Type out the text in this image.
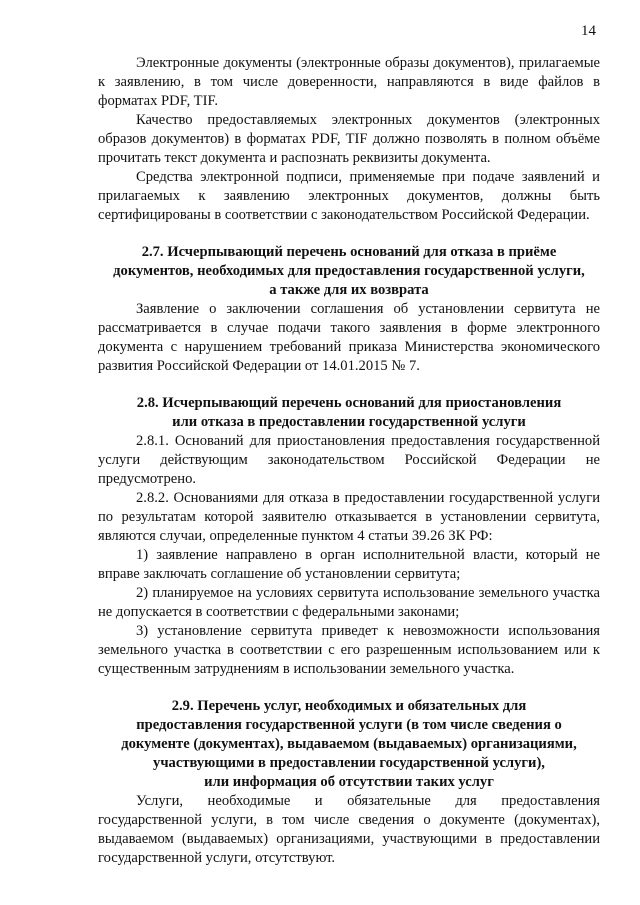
14

Электронные документы (электронные образы документов), прилагаемые к заявлению, в том числе доверенности, направляются в виде файлов в форматах PDF, TIF.

Качество предоставляемых электронных документов (электронных образов документов) в форматах PDF, TIF должно позволять в полном объёме прочитать текст документа и распознать реквизиты документа.

Средства электронной подписи, применяемые при подаче заявлений и прилагаемых к заявлению электронных документов, должны быть сертифицированы в соответствии с законодательством Российской Федерации.

2.7. Исчерпывающий перечень оснований для отказа в приёме
документов, необходимых для предоставления государственной услуги,
а также для их возврата

Заявление о заключении соглашения об установлении сервитута не рассматривается в случае подачи такого заявления в форме электронного документа с нарушением требований приказа Министерства экономического развития Российской Федерации от 14.01.2015 № 7.

2.8. Исчерпывающий перечень оснований для приостановления
или отказа в предоставлении государственной услуги

2.8.1. Оснований для приостановления предоставления государственной услуги действующим законодательством Российской Федерации не предусмотрено.

2.8.2. Основаниями для отказа в предоставлении государственной услуги по результатам которой заявителю отказывается в установлении сервитута, являются случаи, определенные пунктом 4 статьи 39.26 ЗК РФ:

1) заявление направлено в орган исполнительной власти, который не вправе заключать соглашение об установлении сервитута;

2) планируемое на условиях сервитута использование земельного участка не допускается в соответствии с федеральными законами;

3) установление сервитута приведет к невозможности использования земельного участка в соответствии с его разрешенным использованием или к существенным затруднениям в использовании земельного участка.

2.9. Перечень услуг, необходимых и обязательных для
предоставления государственной услуги (в том числе сведения о
документе (документах), выдаваемом (выдаваемых) организациями,
участвующими в предоставлении государственной услуги),
или информация об отсутствии таких услуг

Услуги, необходимые и обязательные для предоставления государственной услуги, в том числе сведения о документе (документах), выдаваемом (выдаваемых) организациями, участвующими в предоставлении государственной услуги, отсутствуют.
